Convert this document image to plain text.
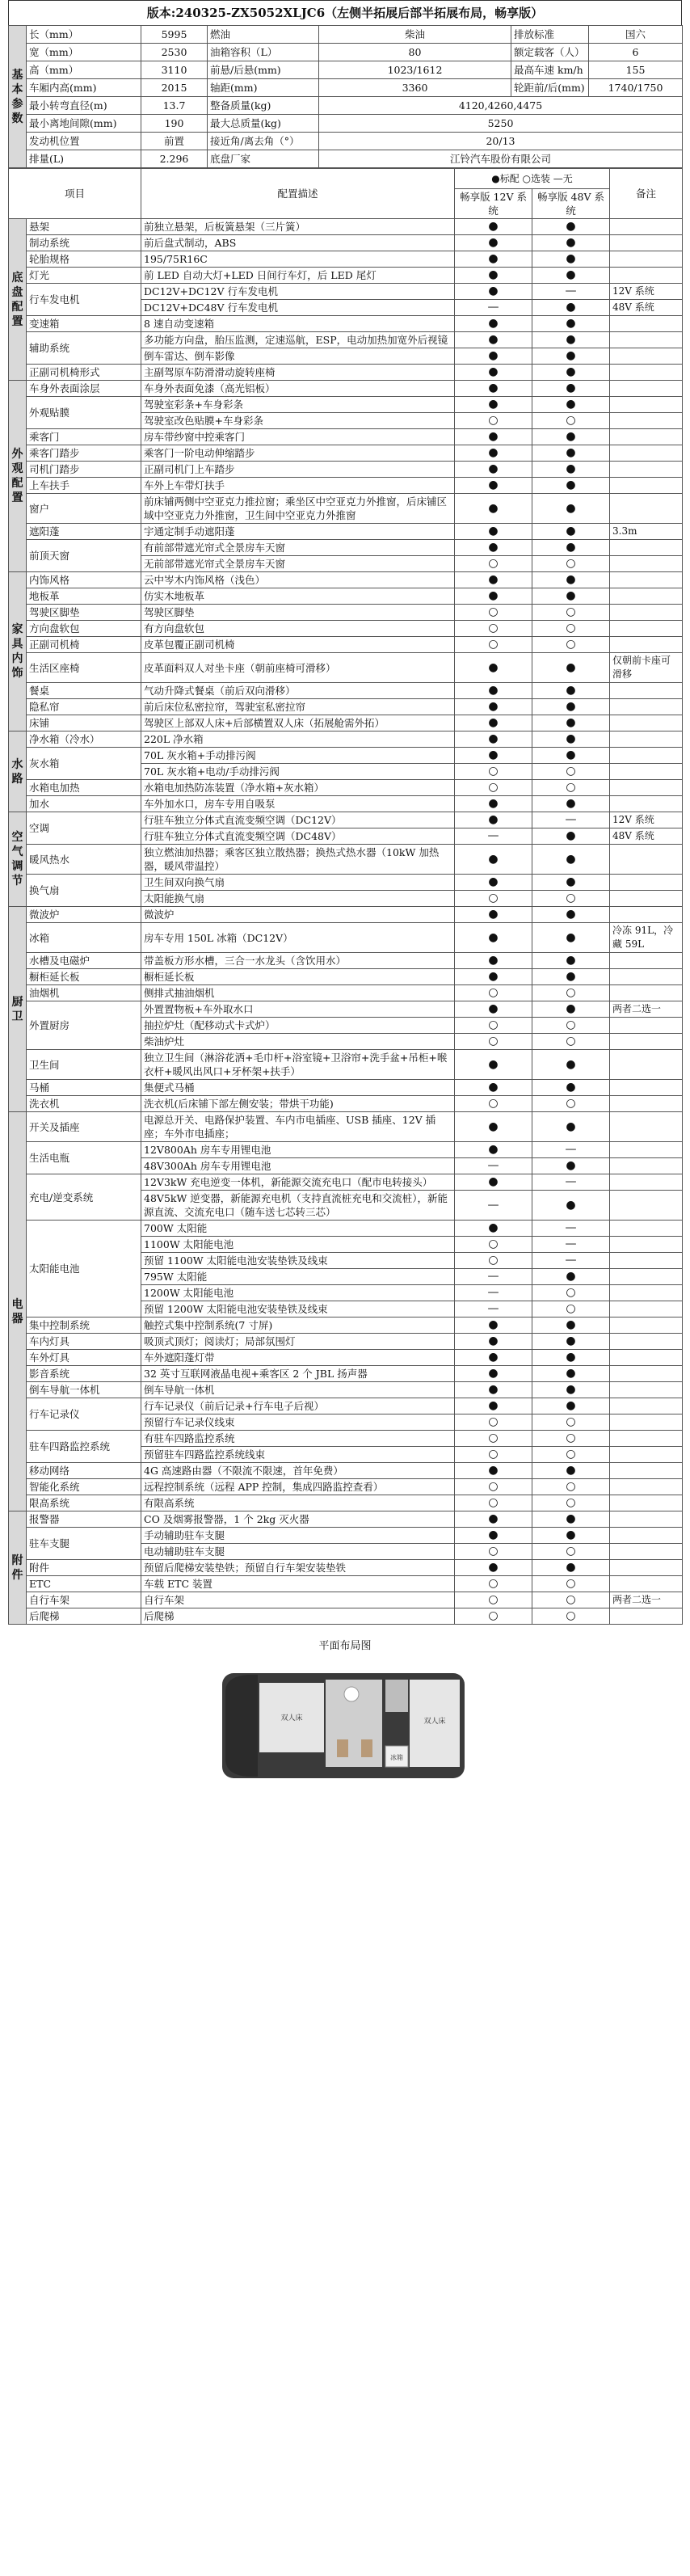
版本:240325-ZX5052XLJC6（左侧半拓展后部半拓展布局，畅享版）
基本参数	长（mm）	5995	燃油	柴油	排放标准	国六
	宽（mm）	2530	油箱容积（L）	80	额定载客（人）	6
	高（mm）	3110	前悬/后悬(mm)	1023/1612	最高车速 km/h	155
	车厢内高(mm)	2015	轴距(mm)	3360	轮距前/后(mm)	1740/1750
	最小转弯直径(m)	13.7	整备质量(kg)	4120,4260,4475		
	最小离地间隙(mm)	190	最大总质量(kg)	5250		
	发动机位置	前置	接近角/离去角（°）	20/13		
	排量(L)	2.296	底盘厂家	江铃汽车股份有限公司		
项目		配置描述	●标配 ○选装 —无		备注
			畅享版 12V 系统	畅享版 48V 系统	
底盘配置	悬架	前独立悬架，后板簧悬架（三片簧）	●	●	
	制动系统	前后盘式制动，ABS	●	●	
	轮胎规格	195/75R16C	●	●	
	灯光	前 LED 自动大灯+LED 日间行车灯，后 LED 尾灯	●	●	
	行车发电机	DC12V+DC12V 行车发电机	●	—	12V 系统
		DC12V+DC48V 行车发电机	—	●	48V 系统
	变速箱	8 速自动变速箱	●	●	
	辅助系统	多功能方向盘，胎压监测，定速巡航，ESP，电动加热加宽外后视镜	●	●	
		倒车雷达、倒车影像	●	●	
	正副司机椅形式	主副驾原车防滑滑动旋转座椅	●	●	
外观配置	车身外表面涂层	车身外表面免漆（高光铝板）	●	●	
	外观贴膜	驾驶室彩条+车身彩条	●	●	
		驾驶室改色贴膜+车身彩条	○	○	
	乘客门	房车带纱窗中控乘客门	●	●	
	乘客门踏步	乘客门一阶电动伸缩踏步	●	●	
	司机门踏步	正副司机门上车踏步	●	●	
	上车扶手	车外上车带灯扶手	●	●	
	窗户	前床铺两侧中空亚克力推拉窗；乘坐区中空亚克力外推窗，后床铺区域中空亚克力外推窗，卫生间中空亚克力外推窗	●	●	
	遮阳蓬	宇通定制手动遮阳蓬	●	●	3.3m
	前顶天窗	有前部带遮光帘式全景房车天窗	●	●	
		无前部带遮光帘式全景房车天窗	○	○	
家具内饰	内饰风格	云中岑木内饰风格（浅色）	●	●	
	地板革	仿实木地板革	●	●	
	驾驶区脚垫	驾驶区脚垫	○	○	
	方向盘软包	有方向盘软包	○	○	
	正副司机椅	皮革包覆正副司机椅	○	○	
	生活区座椅	皮革面料双人对坐卡座（朝前座椅可滑移）	●	●	仅朝前卡座可滑移
	餐桌	气动升降式餐桌（前后双向滑移）	●	●	
	隐私帘	前后床位私密拉帘，驾驶室私密拉帘	●	●	
	床铺	驾驶区上部双人床+后部横置双人床（拓展舱需外拓）	●	●	
水路	净水箱（冷水）	220L 净水箱	●	●	
	灰水箱	70L 灰水箱+手动排污阀	●	●	
		70L 灰水箱+电动/手动排污阀	○	○	
	水箱电加热	水箱电加热防冻装置（净水箱+灰水箱）	○	○	
	加水	车外加水口，房车专用自吸泵	●	●	
空气调节	空调	行驻车独立分体式直流变频空调（DC12V）	●	—	12V 系统
		行驻车独立分体式直流变频空调（DC48V）	—	●	48V 系统
	暖风热水	独立燃油加热器；乘客区独立散热器；换热式热水器（10kW 加热器，暖风带温控）	●	●	
	换气扇	卫生间双向换气扇	●	●	
		太阳能换气扇	○	○	
厨卫	微波炉	微波炉	●	●	
	冰箱	房车专用 150L 冰箱（DC12V）	●	●	冷冻 91L，冷藏 59L
	水槽及电磁炉	带盖板方形水槽，三合一水龙头（含饮用水）	●	●	
	橱柜延长板	橱柜延长板	●	●	
	油烟机	侧排式抽油烟机	○	○	
	外置厨房	外置置物板+车外取水口	●	●	两者二选一
		抽拉炉灶（配移动式卡式炉）	○	○	
		柴油炉灶	○	○	
	卫生间	独立卫生间（淋浴花洒+毛巾杆+浴室镜+卫浴帘+洗手盆+吊柜+喉衣杆+暖风出风口+牙杯架+扶手）	●	●	
	马桶	集便式马桶	●	●	
	洗衣机	洗衣机(后床铺下部左侧安装；带烘干功能)	○	○	
电器	开关及插座	电源总开关、电路保护装置、车内市电插座、USB 插座、12V 插座；车外市电插座；	●	●	
	生活电瓶	12V800Ah 房车专用锂电池	●	—	
		48V300Ah 房车专用锂电池	—	●	
	充电/逆变系统	12V3kW 充电逆变一体机，新能源交流充电口（配市电转接头）	●	—	
		48V5kW 逆变器，新能源充电机（支持直流桩充电和交流桩），新能源直流、交流充电口（随车送七芯转三芯）	—	●	
	太阳能电池	700W 太阳能	●	—	
		1100W 太阳能电池	○	—	
		预留 1100W 太阳能电池安装垫铁及线束	○	—	
		795W 太阳能	—	●	
		1200W 太阳能电池	—	○	
		预留 1200W 太阳能电池安装垫铁及线束	—	○	
	集中控制系统	触控式集中控制系统(7 寸屏)	●	●	
	车内灯具	吸顶式顶灯；阅读灯；局部氛围灯	●	●	
	车外灯具	车外遮阳蓬灯带	●	●	
	影音系统	32 英寸互联网液晶电视+乘客区 2 个 JBL 扬声器	●	●	
	倒车导航一体机	倒车导航一体机	●	●	
	行车记录仪	行车记录仪（前后记录+行车电子后视）	●	●	
		预留行车记录仪线束	○	○	
	驻车四路监控系统	有驻车四路监控系统	○	○	
		预留驻车四路监控系统线束	○	○	
	移动网络	4G 高速路由器（不限流不限速，首年免费）	●	●	
	智能化系统	远程控制系统（远程 APP 控制，集成四路监控查看）	○	○	
	限高系统	有限高系统	○	○	
附件	报警器	CO 及烟雾报警器，1 个 2kg 灭火器	●	●	
	驻车支腿	手动辅助驻车支腿	●	●	
		电动辅助驻车支腿	○	○	
	附件	预留后爬梯安装垫铁；预留自行车架安装垫铁	●	●	
	ETC	车载 ETC 装置	○	○	
	自行车架	自行车架	○	○	两者二选一
	后爬梯	后爬梯	○	○	
平面布局图
双人床
冰箱
双人床
